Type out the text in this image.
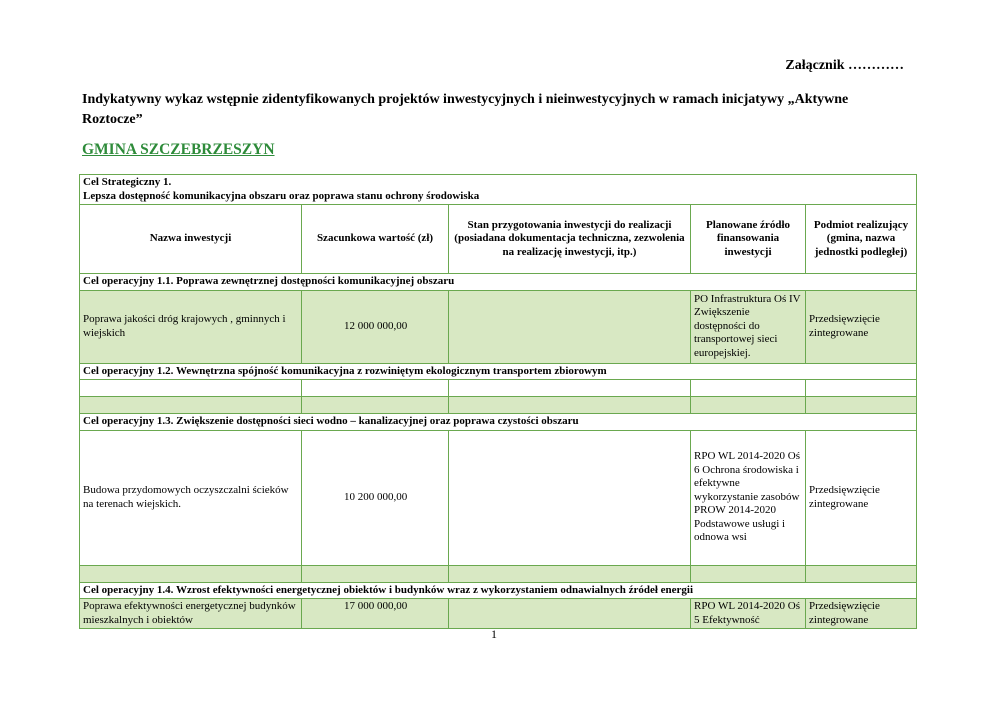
Załącznik …………
Indykatywny wykaz wstępnie zidentyfikowanych projektów inwestycyjnych i nieinwestycyjnych w ramach inicjatywy „Aktywne Roztocze”
GMINA SZCZEBRZESZYN
Cel Strategiczny 1.
Lepsza dostępność komunikacyjna obszaru oraz poprawa stanu ochrony środowiska				

Nazwa inwestycji	Szacunkowa wartość (zł)	Stan przygotowania inwestycji do realizacji (posiadana dokumentacja techniczna, zezwolenia na realizację inwestycji, itp.)	Planowane źródło finansowania inwestycji	Podmiot realizujący (gmina, nazwa jednostki podległej)
Cel operacyjny 1.1. Poprawa zewnętrznej dostępności komunikacyjnej obszaru				
Poprawa jakości dróg krajowych , gminnych i wiejskich	12 000 000,00		PO Infrastruktura Oś IV Zwiększenie dostępności do transportowej sieci europejskiej.	Przedsięwzięcie zintegrowane
Cel operacyjny 1.2. Wewnętrzna spójność komunikacyjna z rozwiniętym ekologicznym transportem zbiorowym				

Cel operacyjny 1.3. Zwiększenie dostępności sieci wodno – kanalizacyjnej oraz poprawa czystości obszaru				
Budowa przydomowych oczyszczalni ścieków na terenach wiejskich.	10 200 000,00		RPO WL 2014-2020 Oś 6 Ochrona środowiska i efektywne wykorzystanie zasobów PROW 2014-2020 Podstawowe usługi i odnowa wsi	Przedsięwzięcie zintegrowane

Cel operacyjny 1.4. Wzrost efektywności energetycznej obiektów i budynków wraz z wykorzystaniem odnawialnych źródeł energii				
Poprawa efektywności energetycznej budynków mieszkalnych i obiektów	17 000 000,00		RPO WL 2014-2020 Oś 5 Efektywność	Przedsięwzięcie zintegrowane
1
